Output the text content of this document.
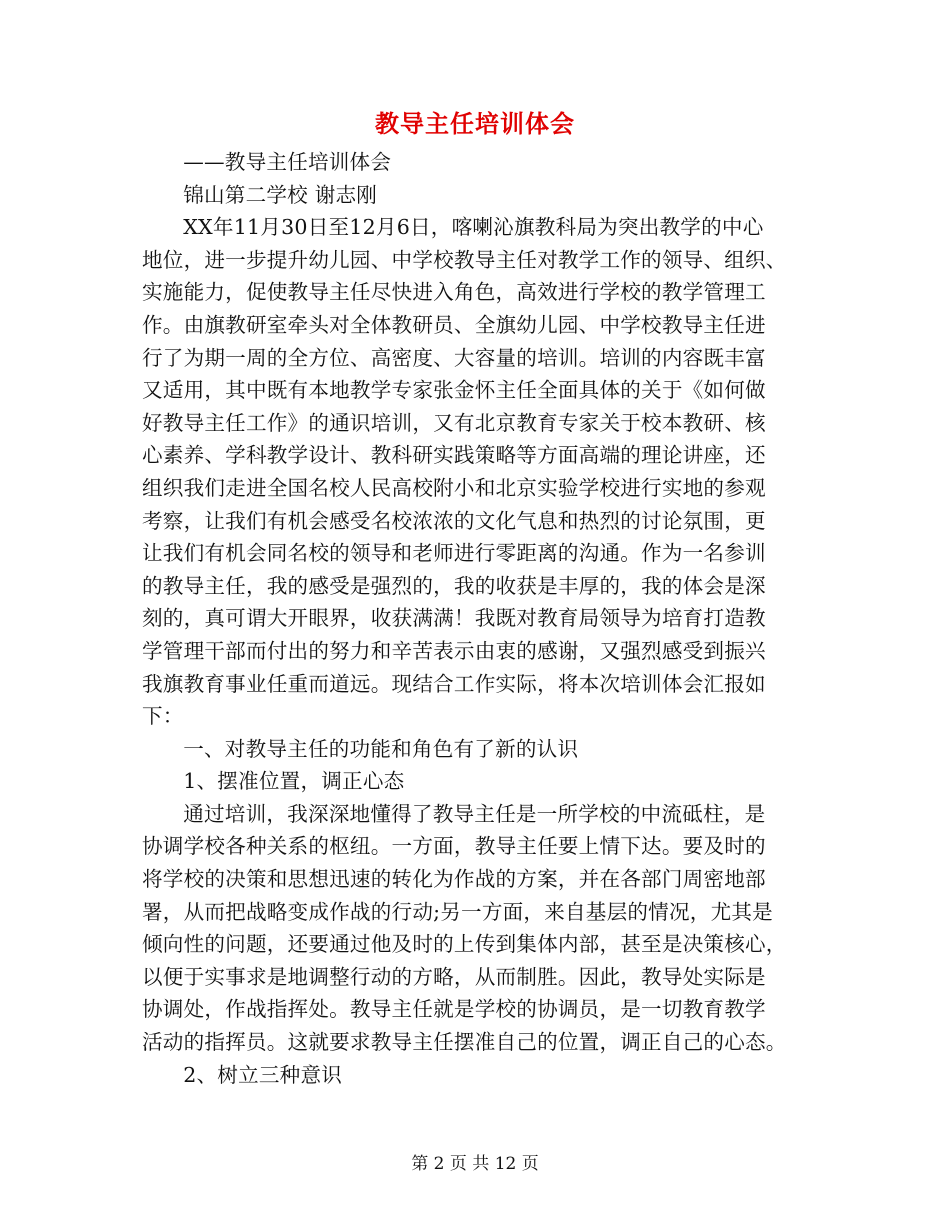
教导主任培训体会
——教导主任培训体会
锦山第二学校 谢志刚
XX年11月30日至12月6日，喀喇沁旗教科局为突出教学的中心
地位，进一步提升幼儿园、中学校教导主任对教学工作的领导、组织、
实施能力，促使教导主任尽快进入角色，高效进行学校的教学管理工
作。由旗教研室牵头对全体教研员、全旗幼儿园、中学校教导主任进
行了为期一周的全方位、高密度、大容量的培训。培训的内容既丰富
又适用，其中既有本地教学专家张金怀主任全面具体的关于《如何做
好教导主任工作》的通识培训，又有北京教育专家关于校本教研、核
心素养、学科教学设计、教科研实践策略等方面高端的理论讲座，还
组织我们走进全国名校人民高校附小和北京实验学校进行实地的参观
考察，让我们有机会感受名校浓浓的文化气息和热烈的讨论氛围，更
让我们有机会同名校的领导和老师进行零距离的沟通。作为一名参训
的教导主任，我的感受是强烈的，我的收获是丰厚的，我的体会是深
刻的，真可谓大开眼界，收获满满！我既对教育局领导为培育打造教
学管理干部而付出的努力和辛苦表示由衷的感谢，又强烈感受到振兴
我旗教育事业任重而道远。现结合工作实际，将本次培训体会汇报如
下：
一、对教导主任的功能和角色有了新的认识
1、摆准位置，调正心态
通过培训，我深深地懂得了教导主任是一所学校的中流砥柱，是
协调学校各种关系的枢纽。一方面，教导主任要上情下达。要及时的
将学校的决策和思想迅速的转化为作战的方案，并在各部门周密地部
署，从而把战略变成作战的行动;另一方面，来自基层的情况，尤其是
倾向性的问题，还要通过他及时的上传到集体内部，甚至是决策核心，
以便于实事求是地调整行动的方略，从而制胜。因此，教导处实际是
协调处，作战指挥处。教导主任就是学校的协调员，是一切教育教学
活动的指挥员。这就要求教导主任摆准自己的位置，调正自己的心态。
2、树立三种意识
第 2 页 共 12 页
